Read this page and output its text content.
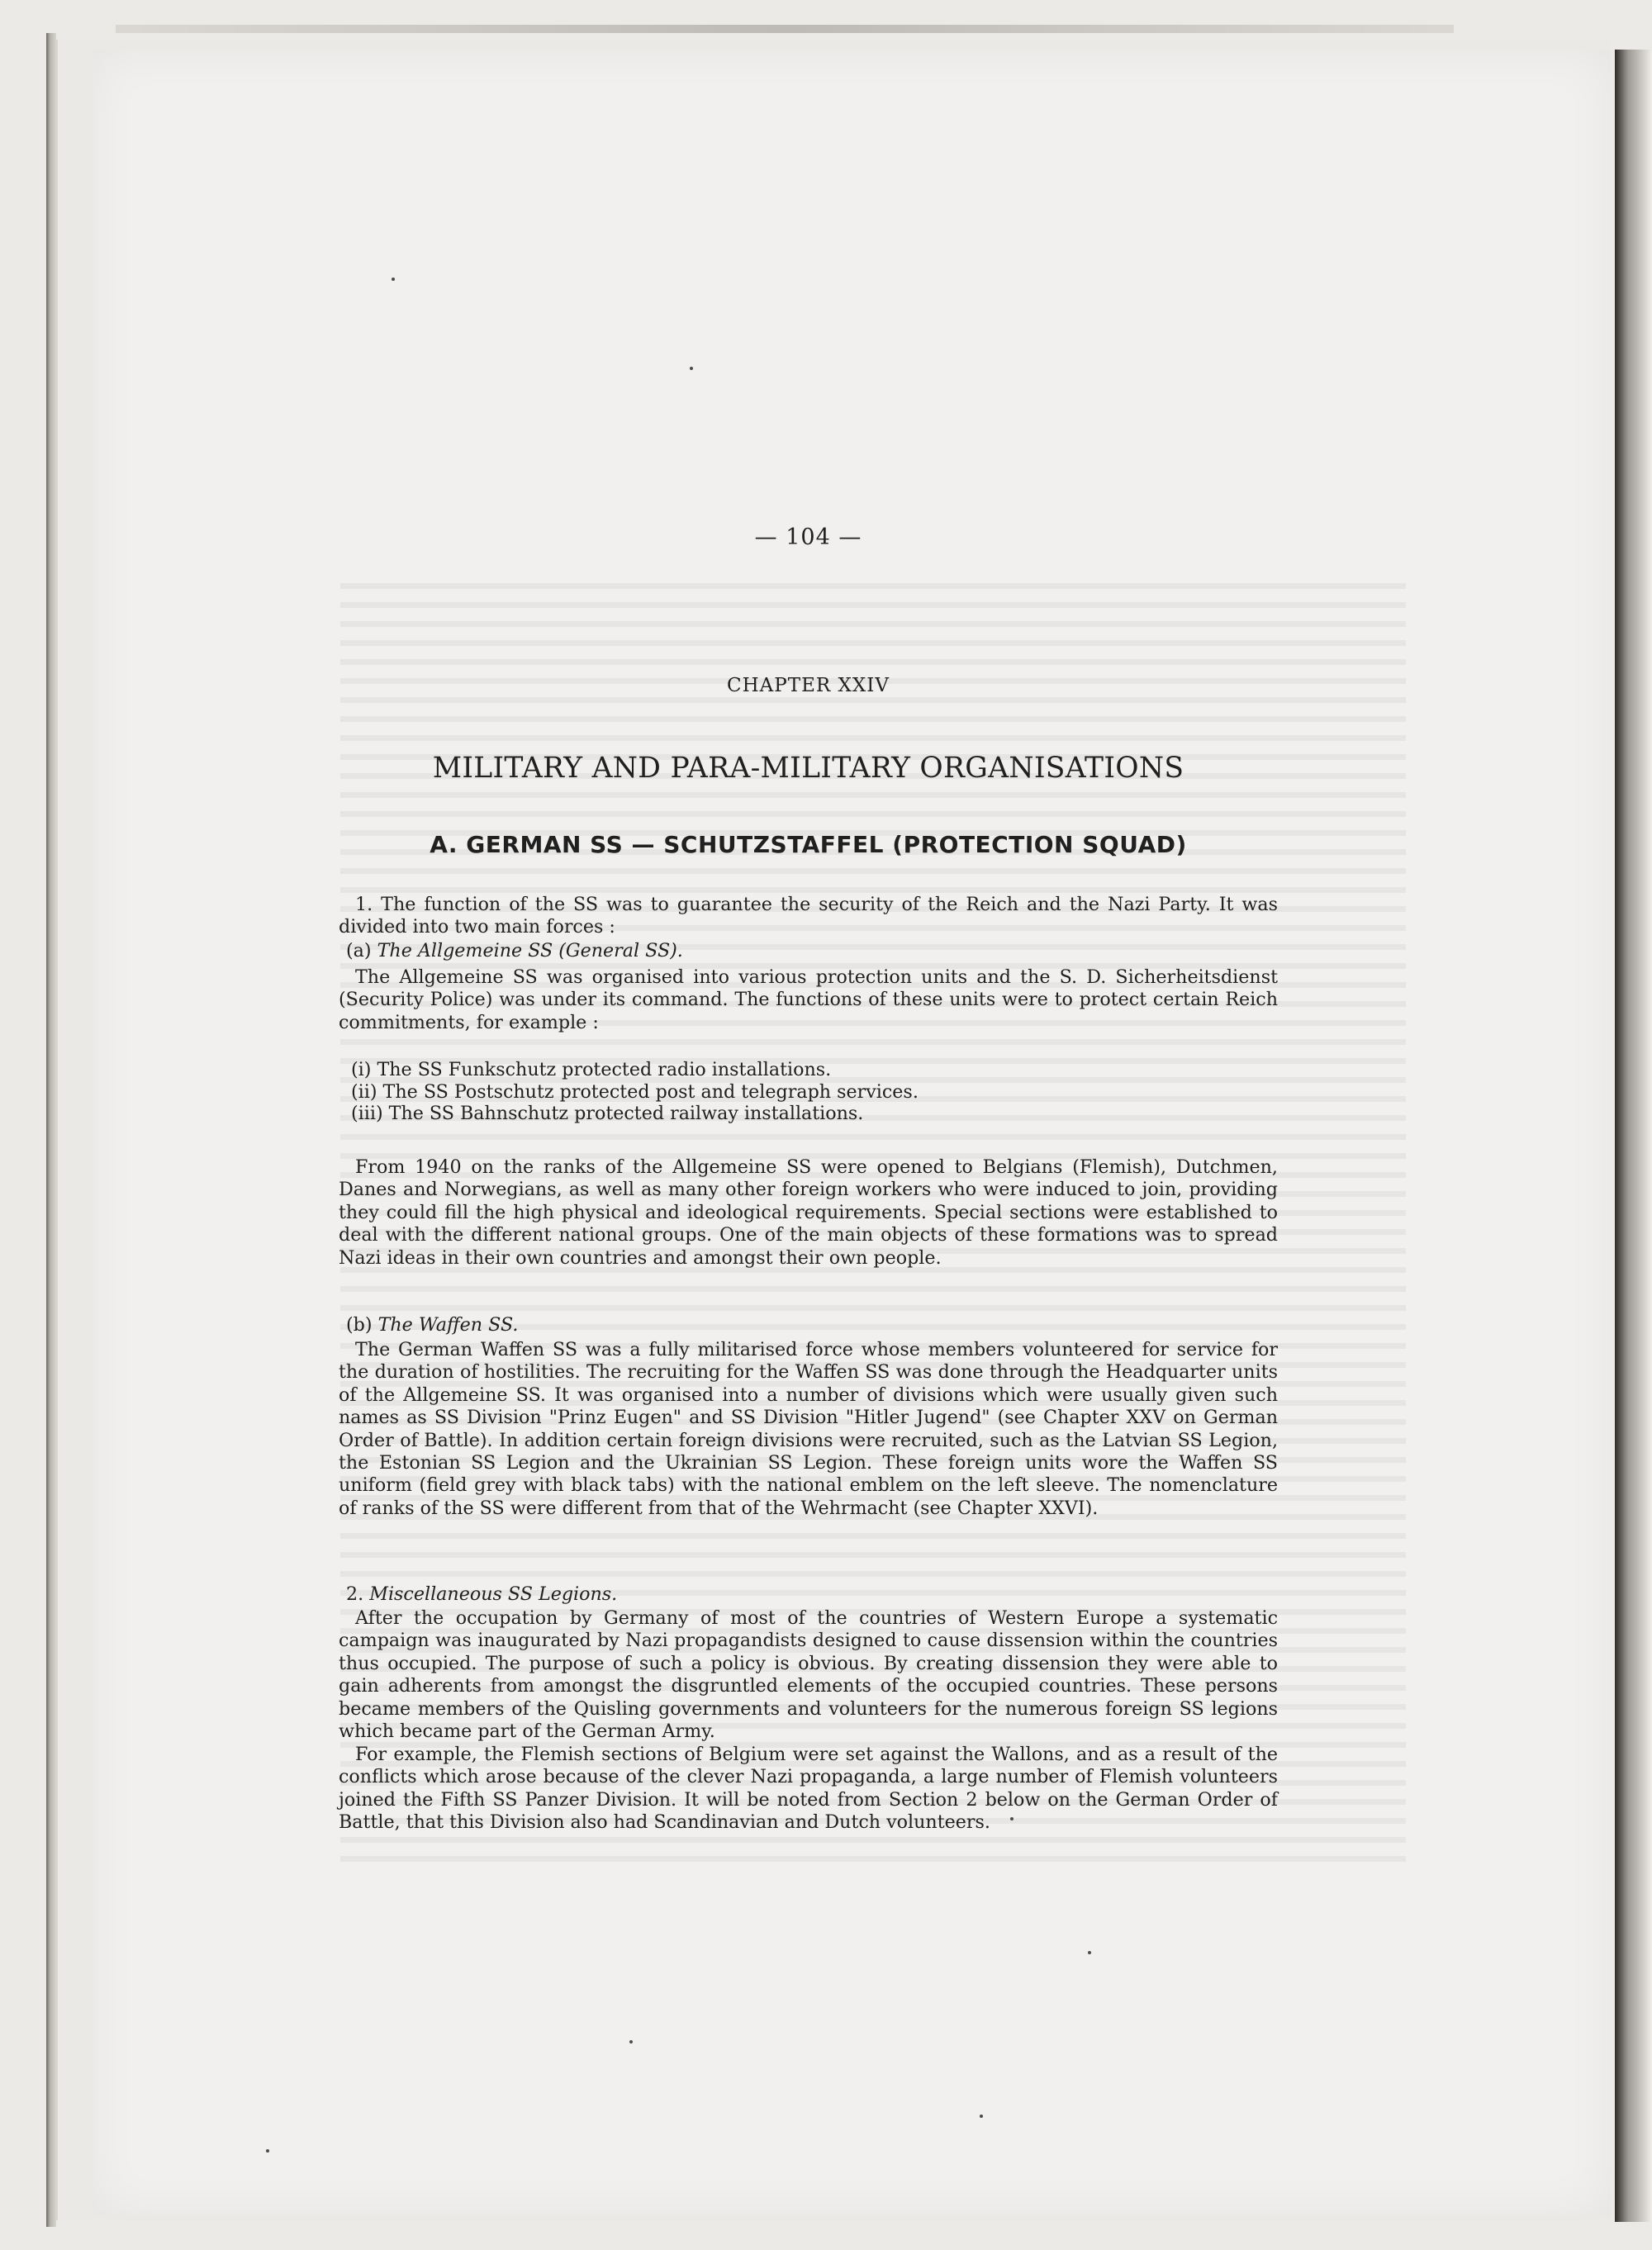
— 104 —
CHAPTER XXIV
MILITARY AND PARA-MILITARY ORGANISATIONS
A. GERMAN SS — SCHUTZSTAFFEL (PROTECTION SQUAD)

1. The function of the SS was to guarantee the security of the Reich and the Nazi Party. It was divided into two main forces :

(a) The Allgemeine SS (General SS).

The Allgemeine SS was organised into various protection units and the S. D. Sicherheitsdienst (Security Police) was under its command. The functions of these units were to protect certain Reich commitments, for example :

(i) The SS Funkschutz protected radio installations.
(ii) The SS Postschutz protected post and telegraph services.
(iii) The SS Bahnschutz protected railway installations.

From 1940 on the ranks of the Allgemeine SS were opened to Belgians (Flemish), Dutchmen, Danes and Norwegians, as well as many other foreign workers who were induced to join, providing they could fill the high physical and ideological requirements. Special sections were established to deal with the different national groups. One of the main objects of these formations was to spread Nazi ideas in their own countries and amongst their own people.

(b) The Waffen SS.

The German Waffen SS was a fully militarised force whose members volunteered for service for the duration of hostilities. The recruiting for the Waffen SS was done through the Headquarter units of the Allgemeine SS. It was organised into a number of divisions which were usually given such names as SS Division "Prinz Eugen" and SS Division "Hitler Jugend" (see Chapter XXV on German Order of Battle). In addition certain foreign divisions were recruited, such as the Latvian SS Legion, the Estonian SS Legion and the Ukrainian SS Legion. These foreign units wore the Waffen SS uniform (field grey with black tabs) with the national emblem on the left sleeve. The nomenclature of ranks of the SS were different from that of the Wehrmacht (see Chapter XXVI).

2. Miscellaneous SS Legions.

After the occupation by Germany of most of the countries of Western Europe a systematic campaign was inaugurated by Nazi propagandists designed to cause dissension within the countries thus occupied. The purpose of such a policy is obvious. By creating dissension they were able to gain adherents from amongst the disgruntled elements of the occupied countries. These persons became members of the Quisling governments and volunteers for the numerous foreign SS legions which became part of the German Army.

For example, the Flemish sections of Belgium were set against the Wallons, and as a result of the conflicts which arose because of the clever Nazi propaganda, a large number of Flemish volunteers joined the Fifth SS Panzer Division. It will be noted from Section 2 below on the German Order of Battle, that this Division also had Scandinavian and Dutch volunteers.
